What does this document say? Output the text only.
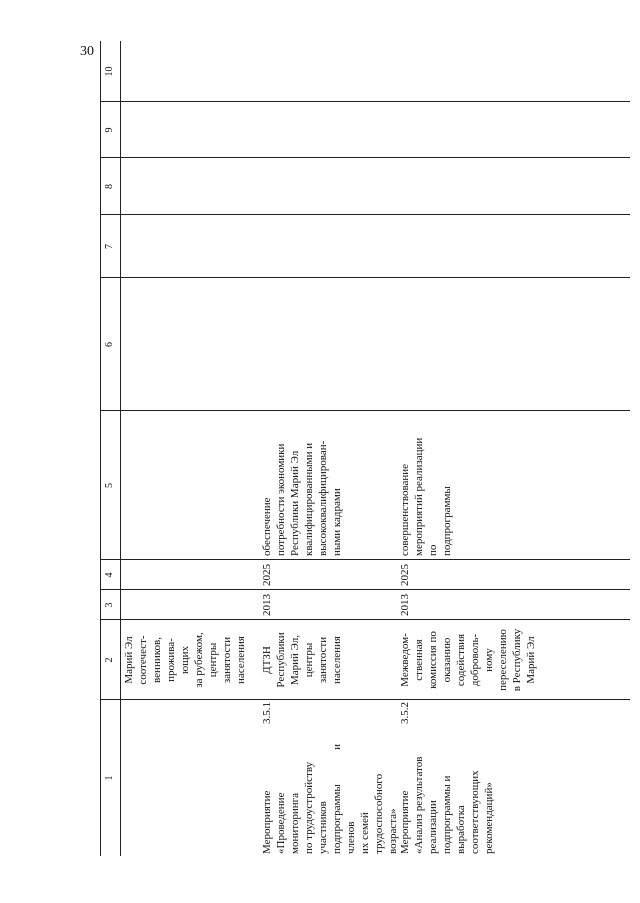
30
1
2
3
4
5
6
7
8
9
10
Марий Эл соотечест- венников, прожива- ющих за рубежом, центры занятости населения
Мероприятие «Проведение мониторинга по трудоустройству участников подпрограммы и членов их семей трудоспособного возраста»
3.5.1
ДТЗН Республики Марий Эл, центры занятости населения
2013
2025
обеспечение потребности экономики Республики Марий Эл квалифицированными и высококвалифицирован- ными кадрами
Мероприятие «Анализ результатов реализации подпрограммы и выработка соответствующих рекомендаций»
3.5.2
Межведом- ственная комиссия по оказанию содействия доброволь- ному переселению в Республику Марий Эл
2013
2025
совершенствование мероприятий реализации по подпрограммы
